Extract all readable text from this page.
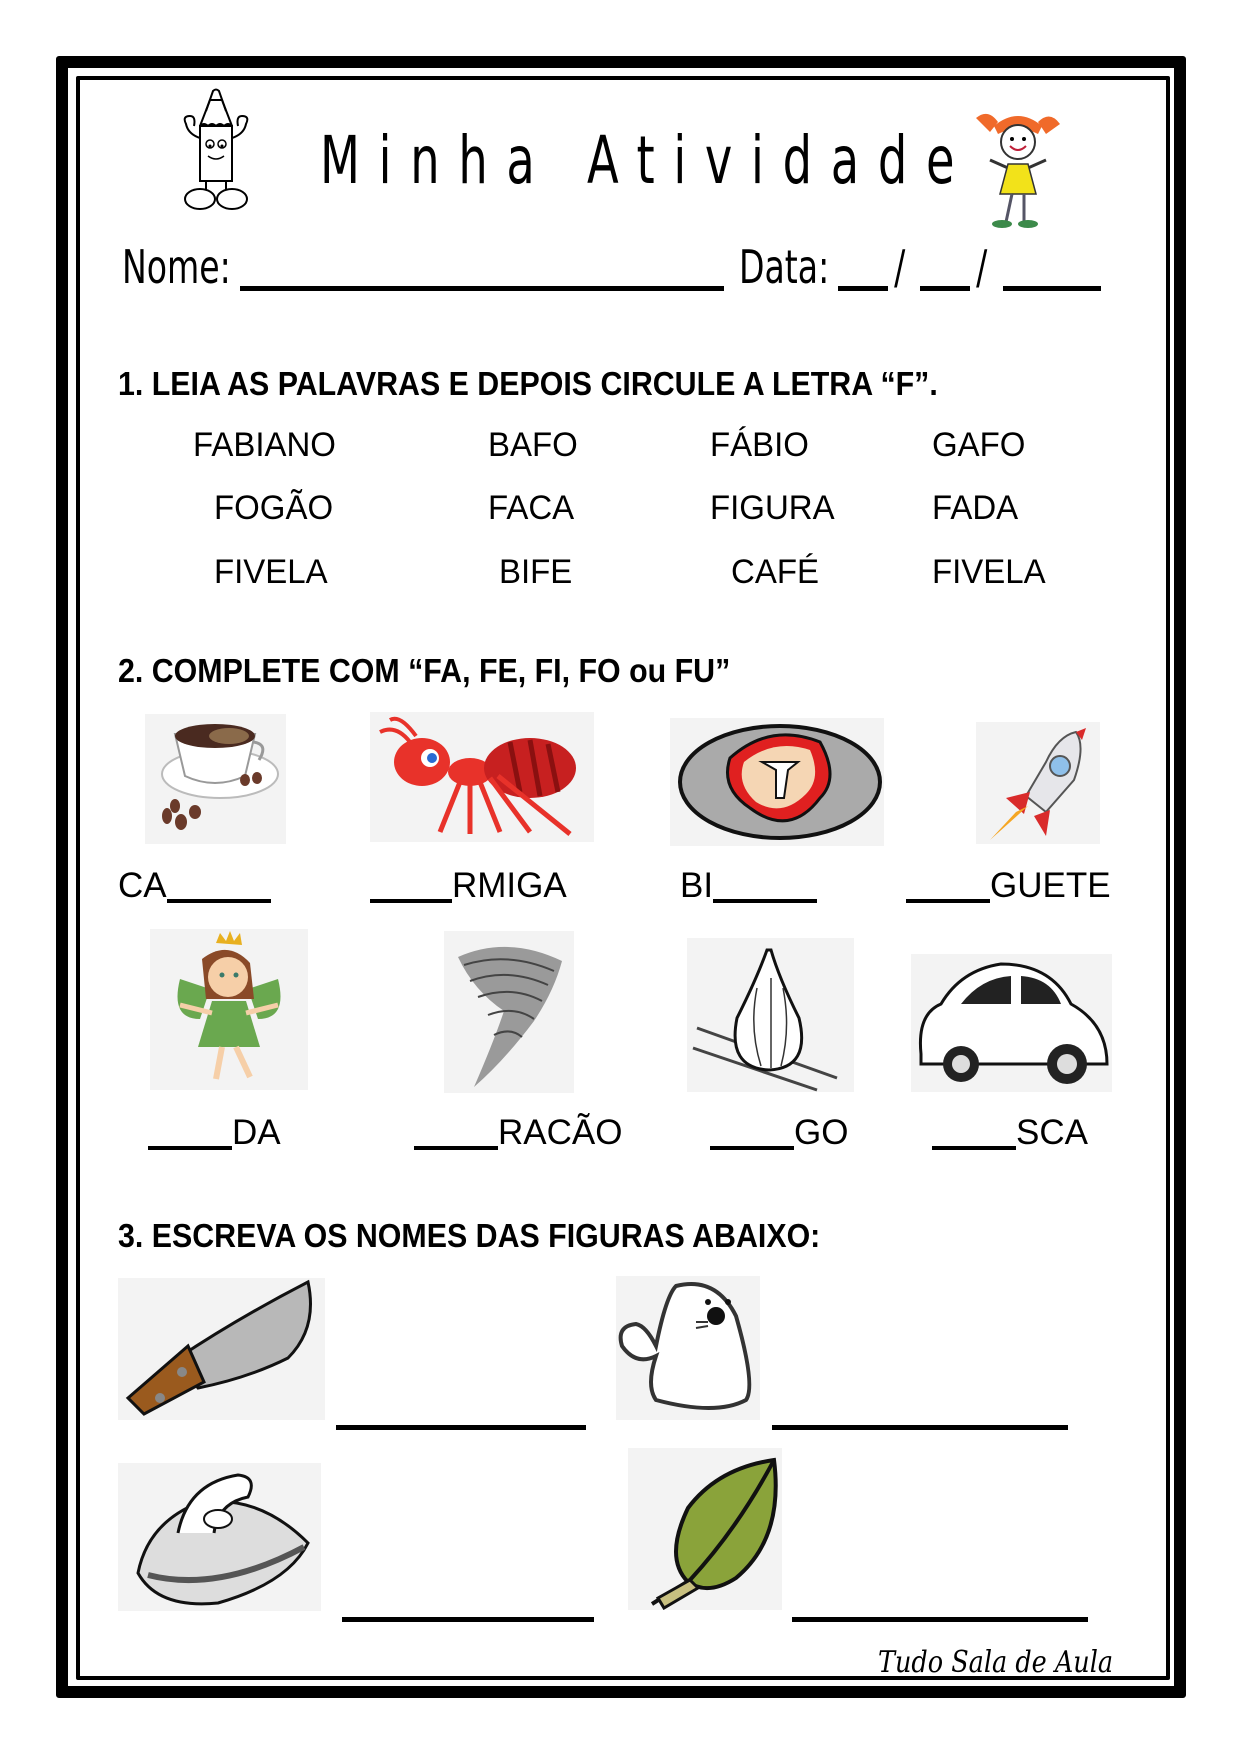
Minha Atividade
Nome:	Data: / /
1. LEIA AS PALAVRAS E DEPOIS CIRCULE A LETRA “F”.
FABIANO	BAFO	FÁBIO	GAFO
FOGÃO	FACA	FIGURA	FADA
FIVELA	BIFE	CAFÉ	FIVELA
2. COMPLETE COM “FA, FE, FI, FO ou FU”
CA	RMIGA	BI	GUETE
DA	RACÃO	GO	SCA
3. ESCREVA OS NOMES DAS FIGURAS ABAIXO:
Tudo Sala de Aula
